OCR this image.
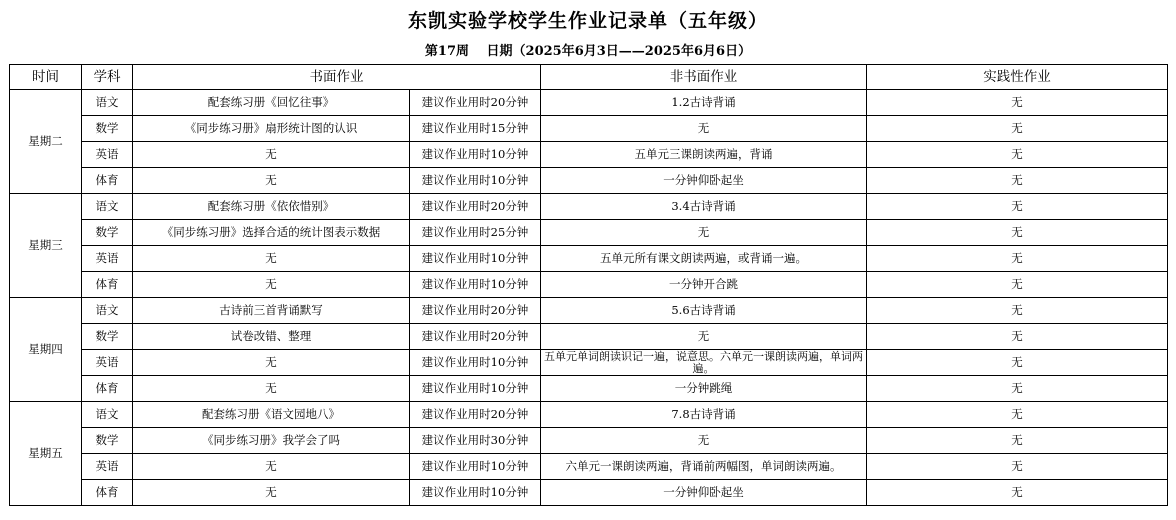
东凯实验学校学生作业记录单（五年级）
第17周　 日期（2025年6月3日——2025年6月6日）
时间	学科	书面作业		非书面作业	实践性作业
星期二	语文	配套练习册《回忆往事》	建议作业用时20分钟	1.2古诗背诵	无
	数学	《同步练习册》扇形统计图的认识	建议作业用时15分钟	无	无
	英语	无	建议作业用时10分钟	五单元三课朗读两遍，背诵	无
	体育	无	建议作业用时10分钟	一分钟仰卧起坐	无
星期三	语文	配套练习册《依依惜别》	建议作业用时20分钟	3.4古诗背诵	无
	数学	《同步练习册》选择合适的统计图表示数据	建议作业用时25分钟	无	无
	英语	无	建议作业用时10分钟	五单元所有课文朗读两遍，或背诵一遍。	无
	体育	无	建议作业用时10分钟	一分钟开合跳	无
星期四	语文	古诗前三首背诵默写	建议作业用时20分钟	5.6古诗背诵	无
	数学	试卷改错、整理	建议作业用时20分钟	无	无
	英语	无	建议作业用时10分钟	五单元单词朗读识记一遍，说意思。六单元一课朗读两遍，单词两遍。	无
	体育	无	建议作业用时10分钟	一分钟跳绳	无
星期五	语文	配套练习册《语文园地八》	建议作业用时20分钟	7.8古诗背诵	无
	数学	《同步练习册》我学会了吗	建议作业用时30分钟	无	无
	英语	无	建议作业用时10分钟	六单元一课朗读两遍，背诵前两幅图，单词朗读两遍。	无
	体育	无	建议作业用时10分钟	一分钟仰卧起坐	无
